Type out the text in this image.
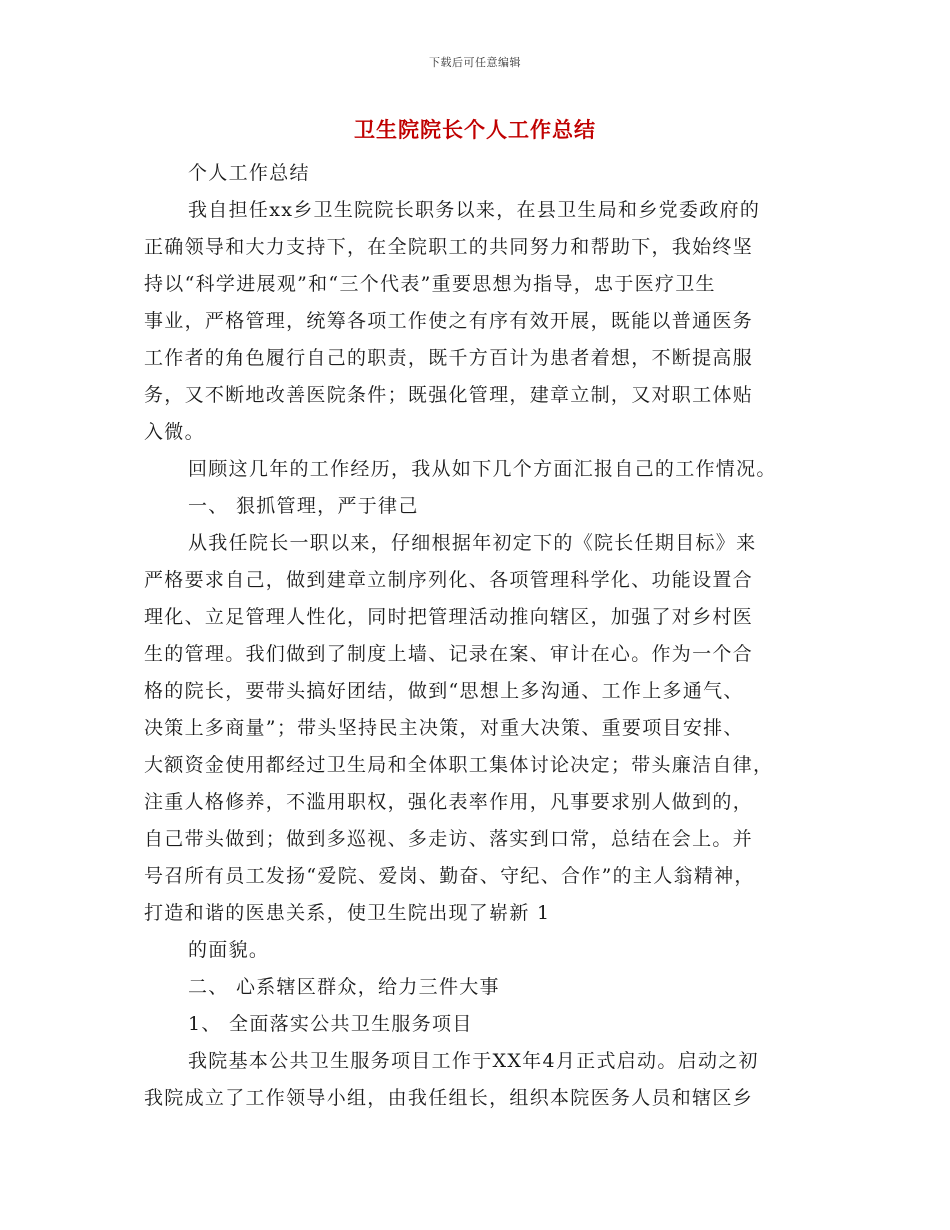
下载后可任意编辑
卫生院院长个人工作总结
个人工作总结
我自担任xx乡卫生院院长职务以来，在县卫生局和乡党委政府的
正确领导和大力支持下，在全院职工的共同努力和帮助下，我始终坚
持以“科学进展观”和“三个代表”重要思想为指导，忠于医疗卫生
事业，严格管理，统筹各项工作使之有序有效开展，既能以普通医务
工作者的角色履行自己的职责，既千方百计为患者着想，不断提高服
务，又不断地改善医院条件；既强化管理，建章立制，又对职工体贴
入微。
回顾这几年的工作经历，我从如下几个方面汇报自己的工作情况。
一、 狠抓管理，严于律己
从我任院长一职以来，仔细根据年初定下的《院长任期目标》来
严格要求自己，做到建章立制序列化、各项管理科学化、功能设置合
理化、立足管理人性化，同时把管理活动推向辖区，加强了对乡村医
生的管理。我们做到了制度上墙、记录在案、审计在心。作为一个合
格的院长，要带头搞好团结，做到“思想上多沟通、工作上多通气、
决策上多商量”；带头坚持民主决策，对重大决策、重要项目安排、
大额资金使用都经过卫生局和全体职工集体讨论决定；带头廉洁自律，
注重人格修养，不滥用职权，强化表率作用，凡事要求别人做到的，
自己带头做到；做到多巡视、多走访、落实到口常，总结在会上。并
号召所有员工发扬“爱院、爱岗、勤奋、守纪、合作”的主人翁精神，
打造和谐的医患关系，使卫生院出现了崭新 1
的面貌。
二、 心系辖区群众，给力三件大事
1、 全面落实公共卫生服务项目
我院基本公共卫生服务项目工作于XX年4月正式启动。启动之初
我院成立了工作领导小组，由我任组长，组织本院医务人员和辖区乡
